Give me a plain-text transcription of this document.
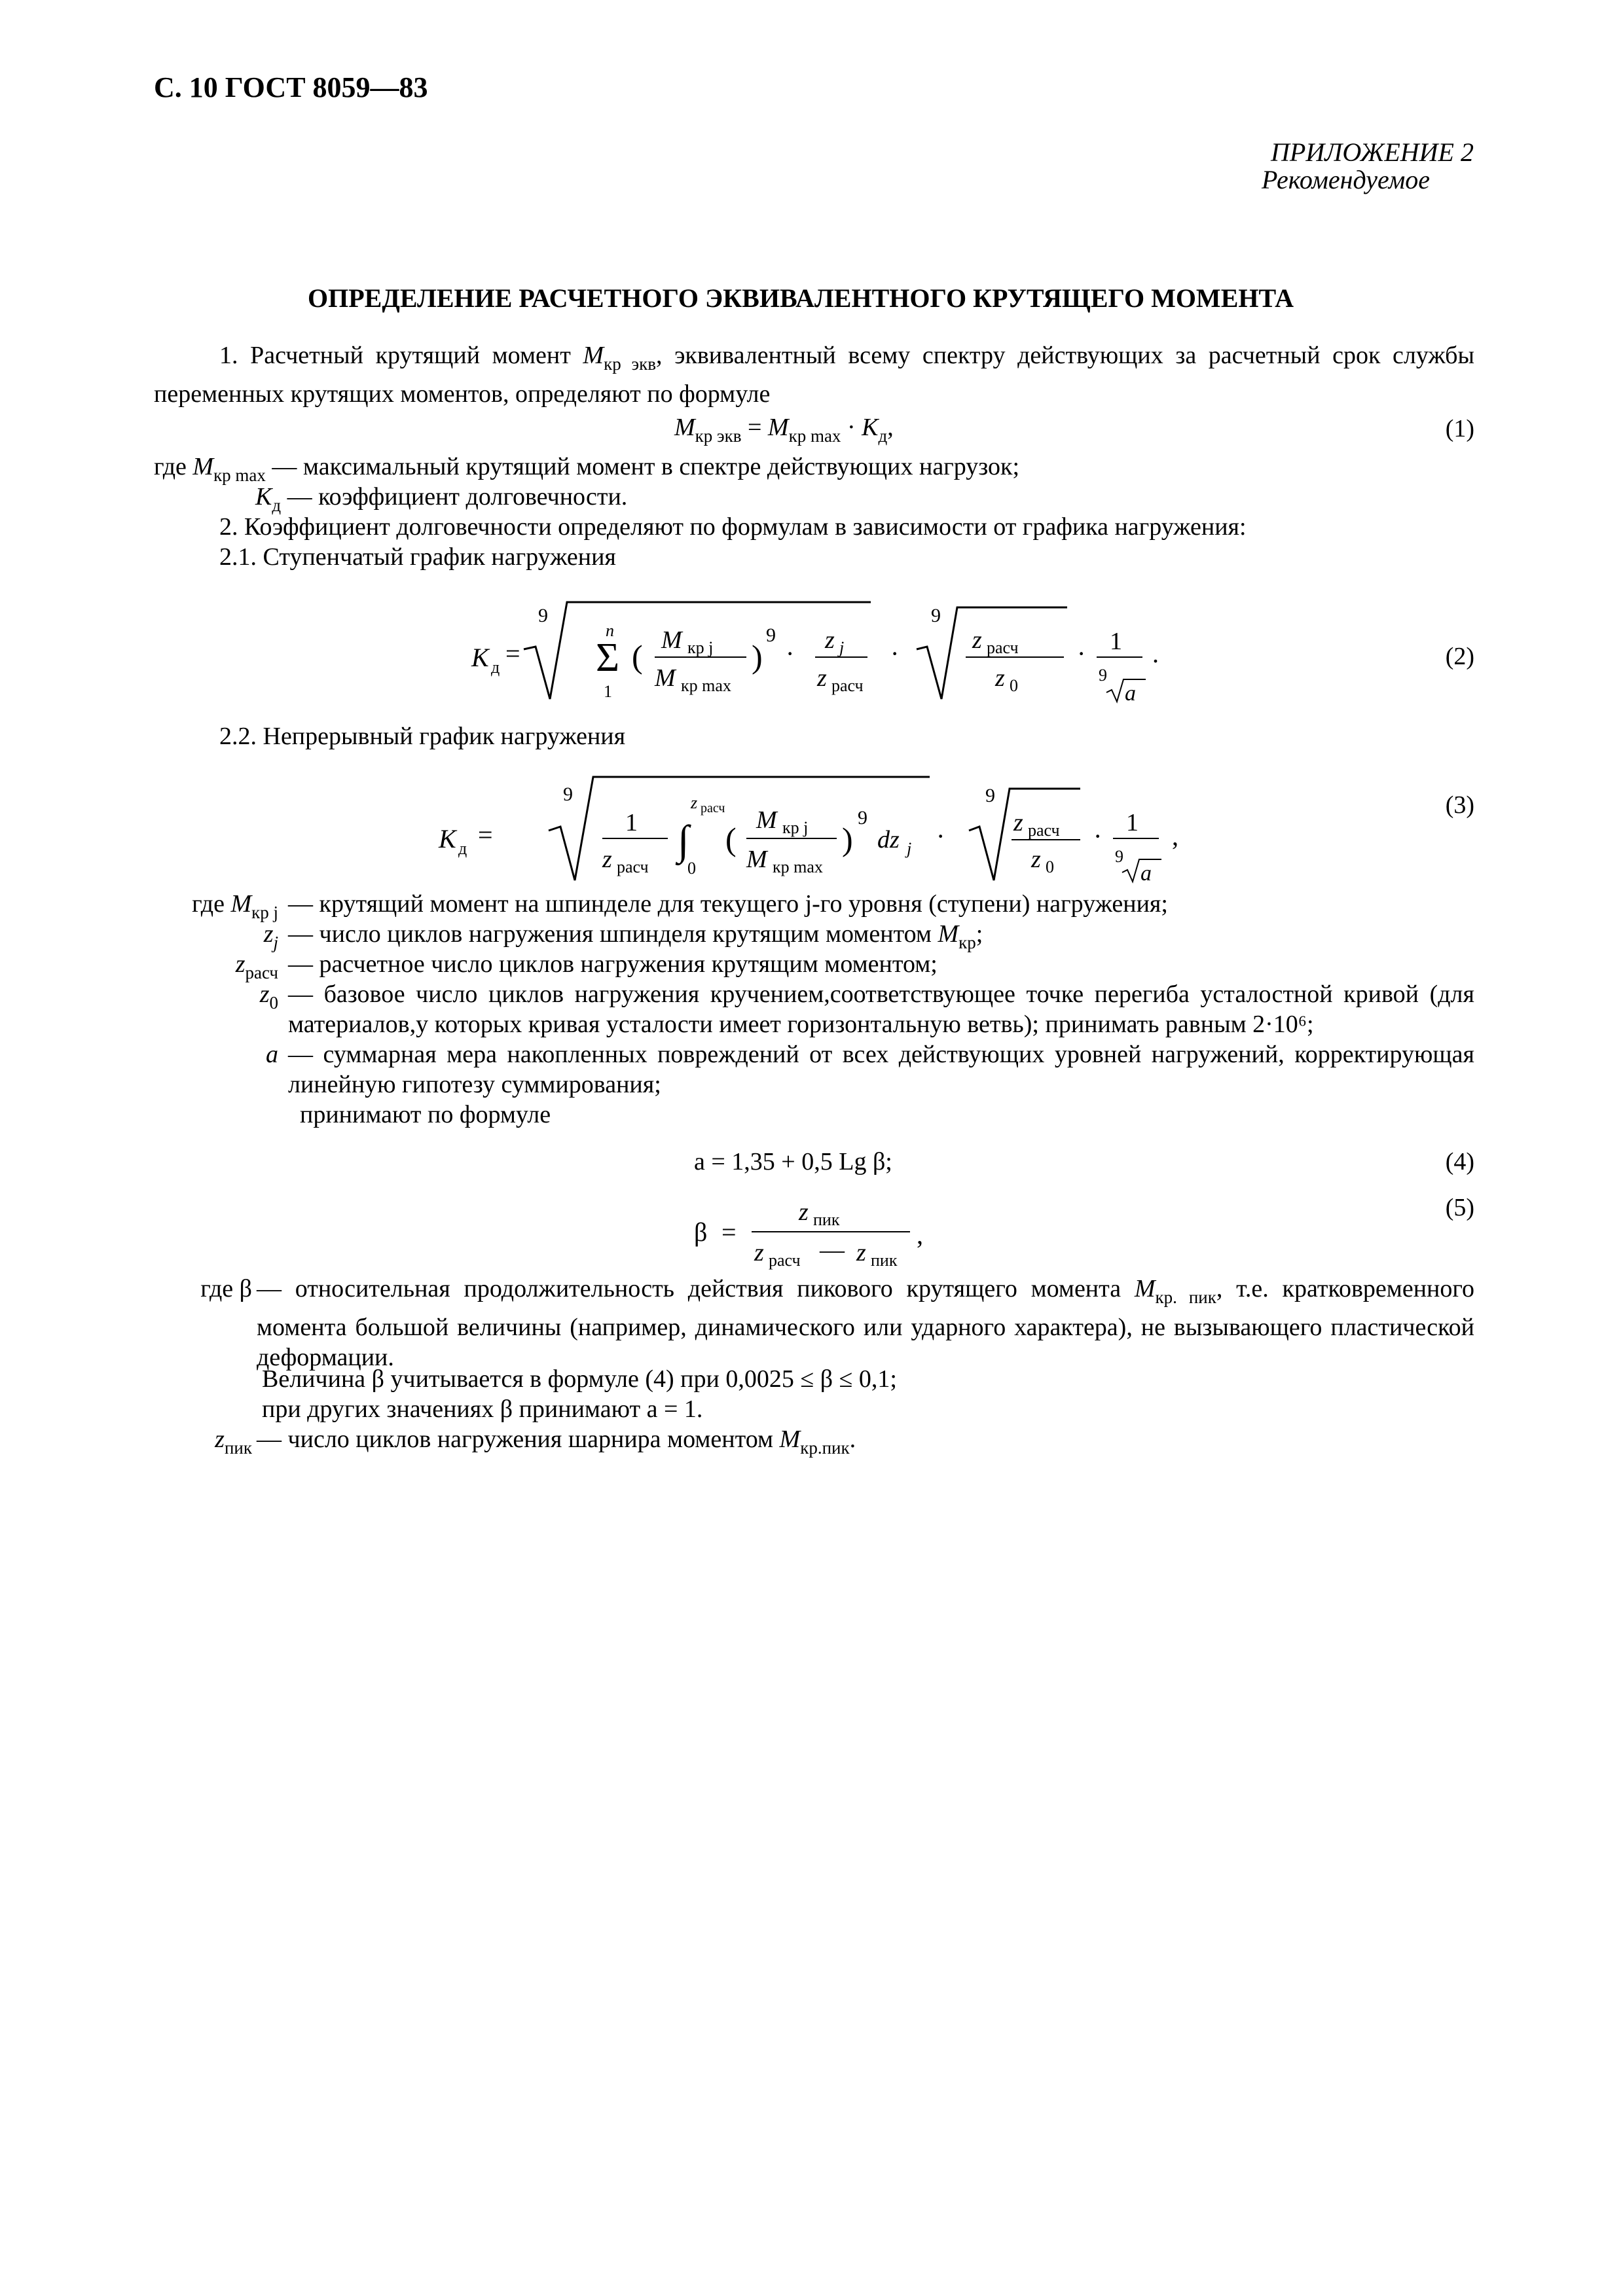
С. 10 ГОСТ 8059—83
ПРИЛОЖЕНИЕ 2
Рекомендуемое
ОПРЕДЕЛЕНИЕ РАСЧЕТНОГО ЭКВИВАЛЕНТНОГО КРУТЯЩЕГО МОМЕНТА
1. Расчетный крутящий момент $M_{кр экв}$, эквивалентный всему спектру действующих за расчетный срок службы переменных крутящих моментов, определяют по формуле
$M_{кр экв} = M_{кр max} \cdot K_д$,	(1)
где $M_{кр max}$ — максимальный крутящий момент в спектре действующих нагрузок;
$K_д$ — коэффициент долговечности.
2. Коэффициент долговечности определяют по формулам в зависимости от графика нагружения:
2.1. Ступенчатый график нагружения
K д =
9
n
Σ
1
( M кр j
M кр max
)
9
· z j
z расч
·
9
z расч
z 0
· 1
9
a
.	(2)
2.2. Непрерывный график нагружения
K д =
9
1
z расч
∫
z расч
0
(
M кр j
M кр max
)
9
dz j ·
9
z расч
z 0
· 1
9
a
,
(3)
где $M_{кр j}$ — крутящий момент на шпинделе для текущего j-го уровня (ступени) нагружения;
$z_j$ — число циклов нагружения шпинделя крутящим моментом $M_{кр}$;
$z_{расч}$ — расчетное число циклов нагружения крутящим моментом;
$z_0$ — базовое число циклов нагружения кручением,соответствующее точке перегиба усталостной кривой (для материалов,у которых кривая усталости имеет горизонтальную ветвь); принимать равным 2·10⁶;
a — суммарная мера накопленных повреждений от всех действующих уровней нагружений, корректирующая линейную гипотезу суммирования;
принимают по формуле
a = 1,35 + 0,5 Lg β;	(4)
β =
z пик
z расч — z пик
,
(5)
где β — относительная продолжительность действия пикового крутящего момента $M_{кр. пик}$, т.е. кратковременного момента большой величины (например, динамического или ударного характера), не вызывающего пластической деформации.
Величина β учитывается в формуле (4) при 0,0025 ≤ β ≤ 0,1;
при других значениях β принимают a = 1.
$z_{пик}$ — число циклов нагружения шарнира моментом $M_{кр.пик}$.
